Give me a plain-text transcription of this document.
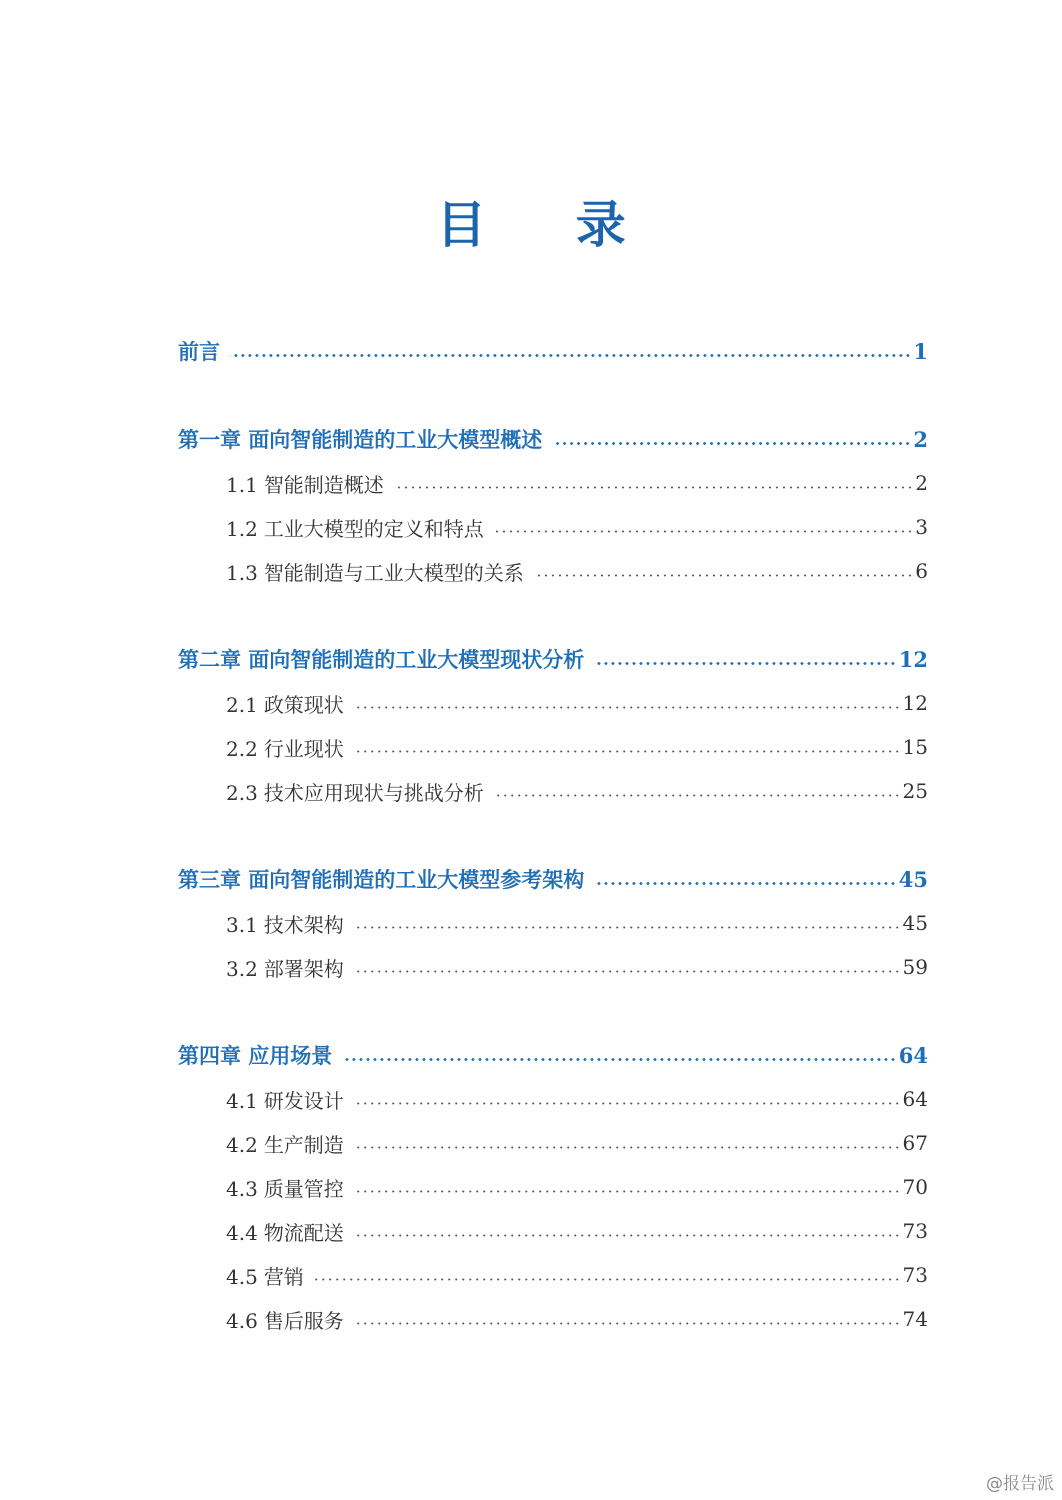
目 录
前言	1
第一章 面向智能制造的工业大模型概述	2
1.1 智能制造概述	2
1.2 工业大模型的定义和特点	3
1.3 智能制造与工业大模型的关系	6
第二章 面向智能制造的工业大模型现状分析	12
2.1 政策现状	12
2.2 行业现状	15
2.3 技术应用现状与挑战分析	25
第三章 面向智能制造的工业大模型参考架构	45
3.1 技术架构	45
3.2 部署架构	59
第四章 应用场景	64
4.1 研发设计	64
4.2 生产制造	67
4.3 质量管控	70
4.4 物流配送	73
4.5 营销	73
4.6 售后服务	74
@报告派
